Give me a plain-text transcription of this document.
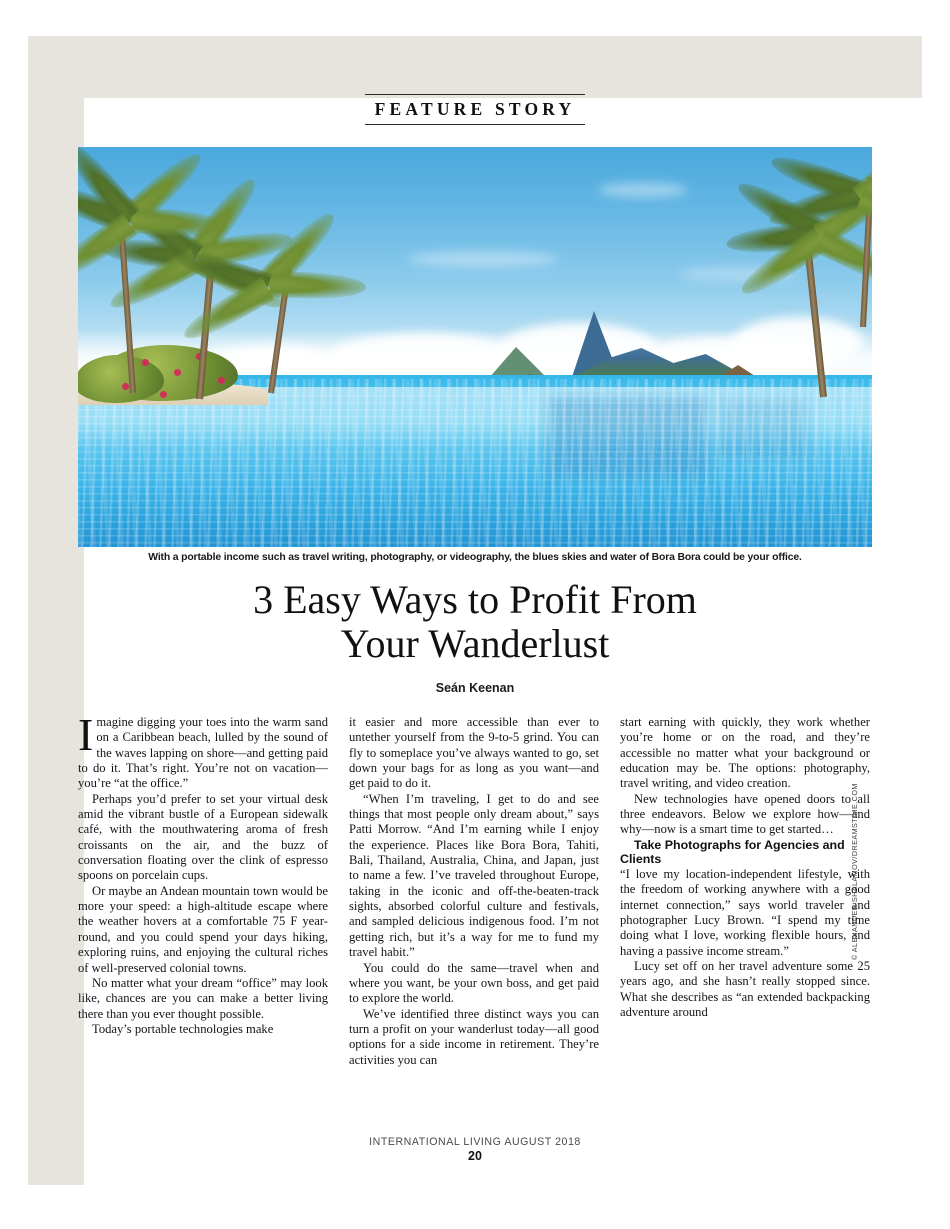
FEATURE STORY
With a portable income such as travel writing, photography, or videography, the blues skies and water of Bora Bora could be your office.
3 Easy Ways to Profit From
Your Wanderlust
Seán Keenan

Imagine digging your toes into the warm sand on a Caribbean beach, lulled by the sound of the waves lapping on shore—and getting paid to do it. That’s right. You’re not on vacation—you’re “at the office.”

Perhaps you’d prefer to set your virtual desk amid the vibrant bustle of a European sidewalk café, with the mouthwatering aroma of fresh croissants on the air, and the buzz of conversation floating over the clink of espresso spoons on porcelain cups.

Or maybe an Andean mountain town would be more your speed: a high-altitude escape where the weather hovers at a comfortable 75 F year-round, and you could spend your days hiking, exploring ruins, and enjoying the cultural riches of well-preserved colonial towns.

No matter what your dream “office” may look like, chances are you can make a better living there than you ever thought possible.

Today’s portable technologies make

it easier and more accessible than ever to untether yourself from the 9-to-5 grind. You can fly to someplace you’ve always wanted to go, set down your bags for as long as you want—and get paid to do it.

“When I’m traveling, I get to do and see things that most people only dream about,” says Patti Morrow. “And I’m earning while I enjoy the experience. Places like Bora Bora, Tahiti, Bali, Thailand, Australia, China, and Japan, just to name a few. I’ve traveled throughout Europe, taking in the iconic and off-the-beaten-track sights, absorbed colorful culture and festivals, and sampled delicious indigenous food. I’m not getting rich, but it’s a way for me to fund my travel habit.”

You could do the same—travel when and where you want, be your own boss, and get paid to explore the world.

We’ve identified three distinct ways you can turn a profit on your wanderlust today—all good options for a side income in retirement. They’re activities you can

start earning with quickly, they work whether you’re home or on the road, and they’re accessible no matter what your background or education may be. The options: photography, travel writing, and video creation.

New technologies have opened doors to all three endeavors. Below we explore how—and why—now is a smart time to get started…

Take Photographs for Agencies and Clients

“I love my location-independent lifestyle, with the freedom of working anywhere with a good internet connection,” says world traveler and photographer Lucy Brown. “I spend my time doing what I love, working flexible hours, and having a passive income stream.”

Lucy set off on her travel adventure some 25 years ago, and she hasn’t really stopped since. What she describes as “an extended backpacking adventure around

© ALEXANDER SHALAMOV/DREAMSTIME.COM
INTERNATIONAL LIVING AUGUST 2018
20
